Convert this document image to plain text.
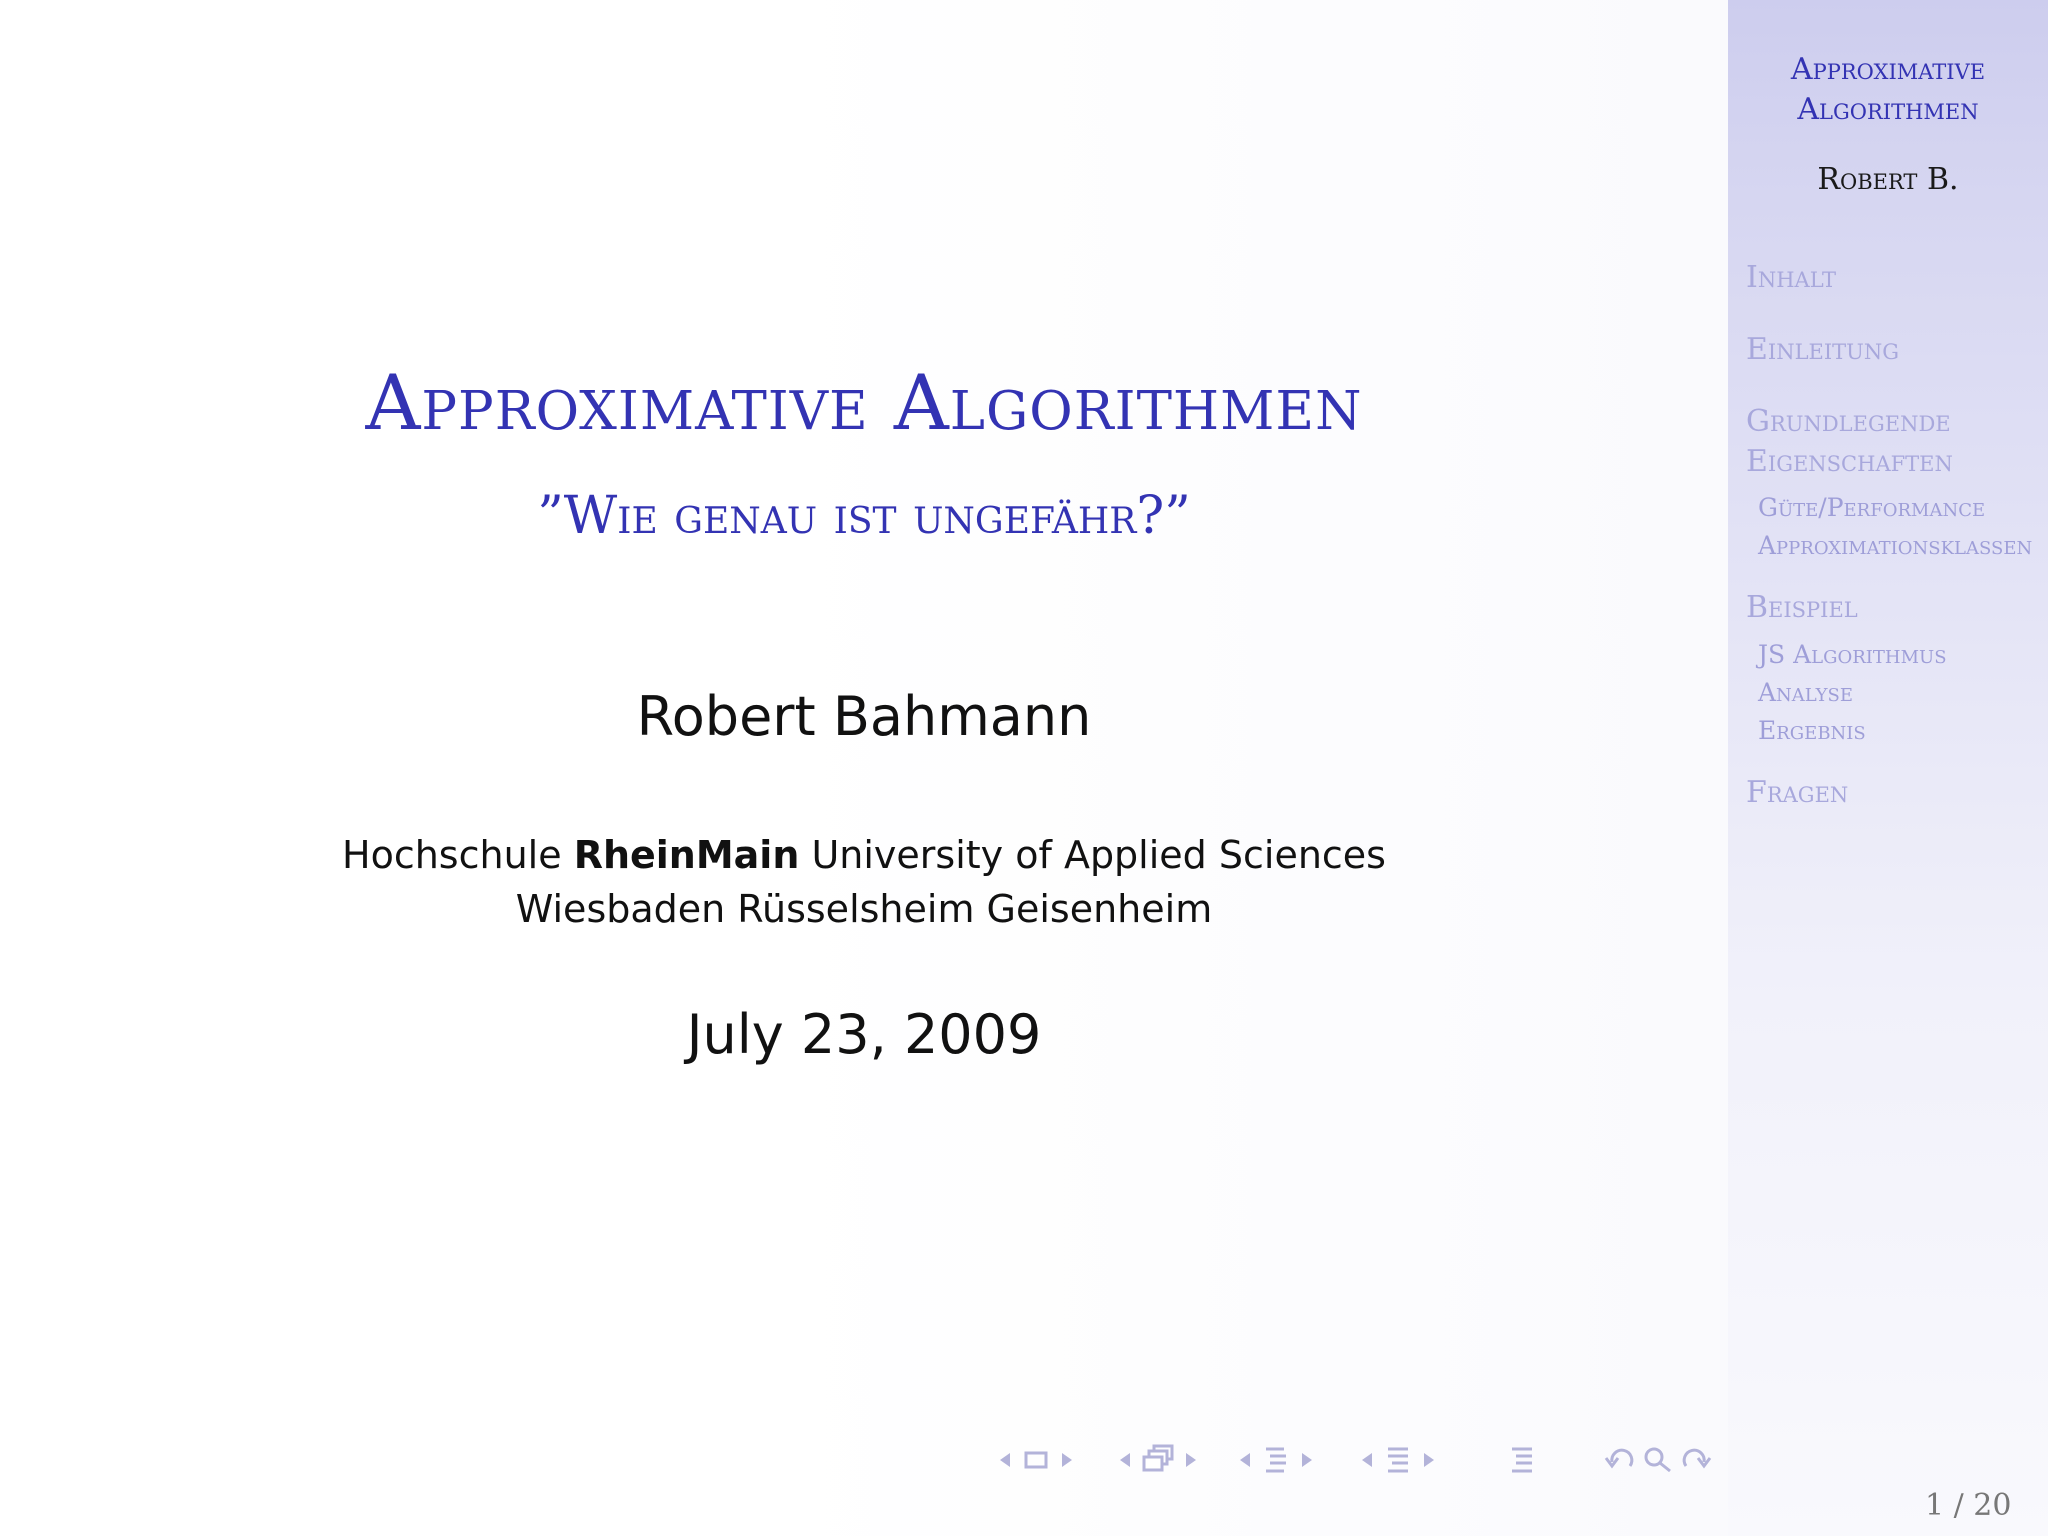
Approximative Algorithmen
”Wie genau ist ungefähr?”
Robert Bahmann
Hochschule RheinMain University of Applied Sciences
Wiesbaden Rüsselsheim Geisenheim
July 23, 2009
Approximative
Algorithmen
Robert B.
Inhalt
Einleitung
Grundlegende
Eigenschaften
Güte/Performance
Approximationsklassen
Beispiel
JS Algorithmus
Analyse
Ergebnis
Fragen
1 / 20
